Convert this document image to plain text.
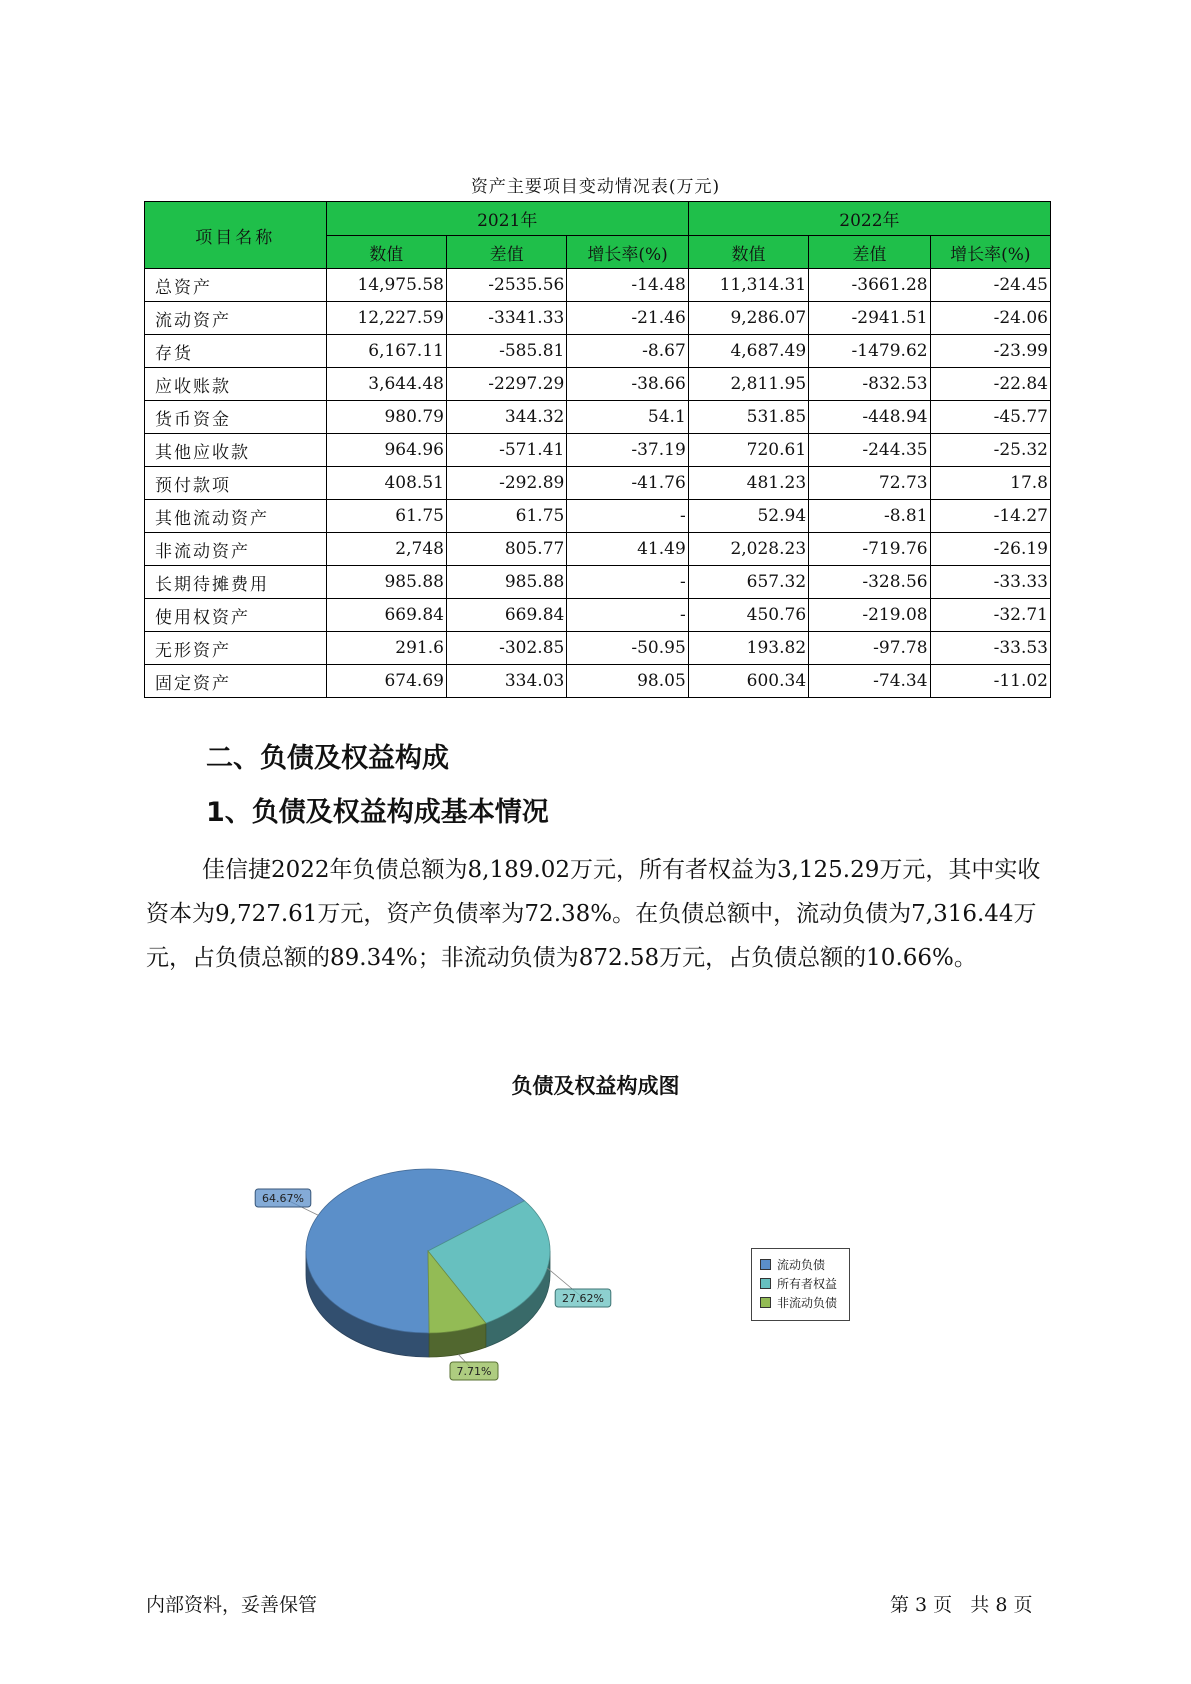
资产主要项目变动情况表(万元)
项目名称	2021年			2022年		
	数值	差值	增长率(%)	数值	差值	增长率(%)
总资产	14,975.58	-2535.56	-14.48	11,314.31	-3661.28	-24.45
流动资产	12,227.59	-3341.33	-21.46	9,286.07	-2941.51	-24.06
存货	6,167.11	-585.81	-8.67	4,687.49	-1479.62	-23.99
应收账款	3,644.48	-2297.29	-38.66	2,811.95	-832.53	-22.84
货币资金	980.79	344.32	54.1	531.85	-448.94	-45.77
其他应收款	964.96	-571.41	-37.19	720.61	-244.35	-25.32
预付款项	408.51	-292.89	-41.76	481.23	72.73	17.8
其他流动资产	61.75	61.75	-	52.94	-8.81	-14.27
非流动资产	2,748	805.77	41.49	2,028.23	-719.76	-26.19
长期待摊费用	985.88	985.88	-	657.32	-328.56	-33.33
使用权资产	669.84	669.84	-	450.76	-219.08	-32.71
无形资产	291.6	-302.85	-50.95	193.82	-97.78	-33.53
固定资产	674.69	334.03	98.05	600.34	-74.34	-11.02
二、负债及权益构成
1、负债及权益构成基本情况
佳信捷2022年负债总额为8,189.02万元，所有者权益为3,125.29万元，其中实收资本为9,727.61万元，资产负债率为72.38%。在负债总额中，流动负债为7,316.44万元，占负债总额的89.34%；非流动负债为872.58万元，占负债总额的10.66%。
负债及权益构成图
64.67%
27.62%
7.71%
流动负债
所有者权益
非流动负债
内部资料，妥善保管	第 3 页   共 8 页
